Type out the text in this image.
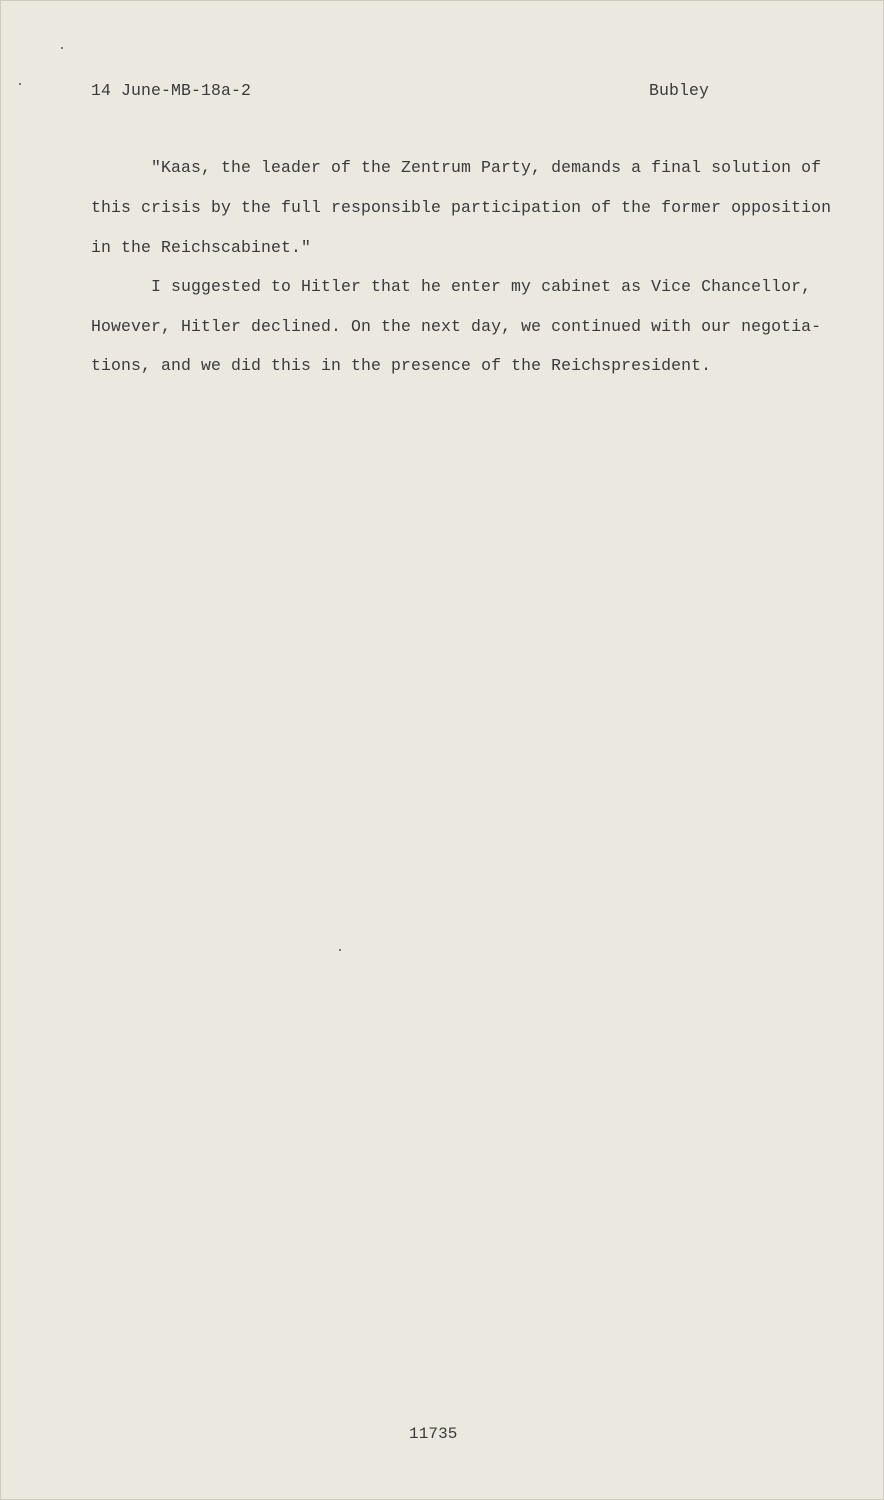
14 June-MB-18a-2	Bubley
"Kaas, the leader of the Zentrum Party, demands a final solution of
this crisis by the full responsible participation of the former opposition
in the Reichscabinet."
I suggested to Hitler that he enter my cabinet as Vice Chancellor,
However, Hitler declined. On the next day, we continued with our negotia-
tions, and we did this in the presence of the Reichspresident.
11735
